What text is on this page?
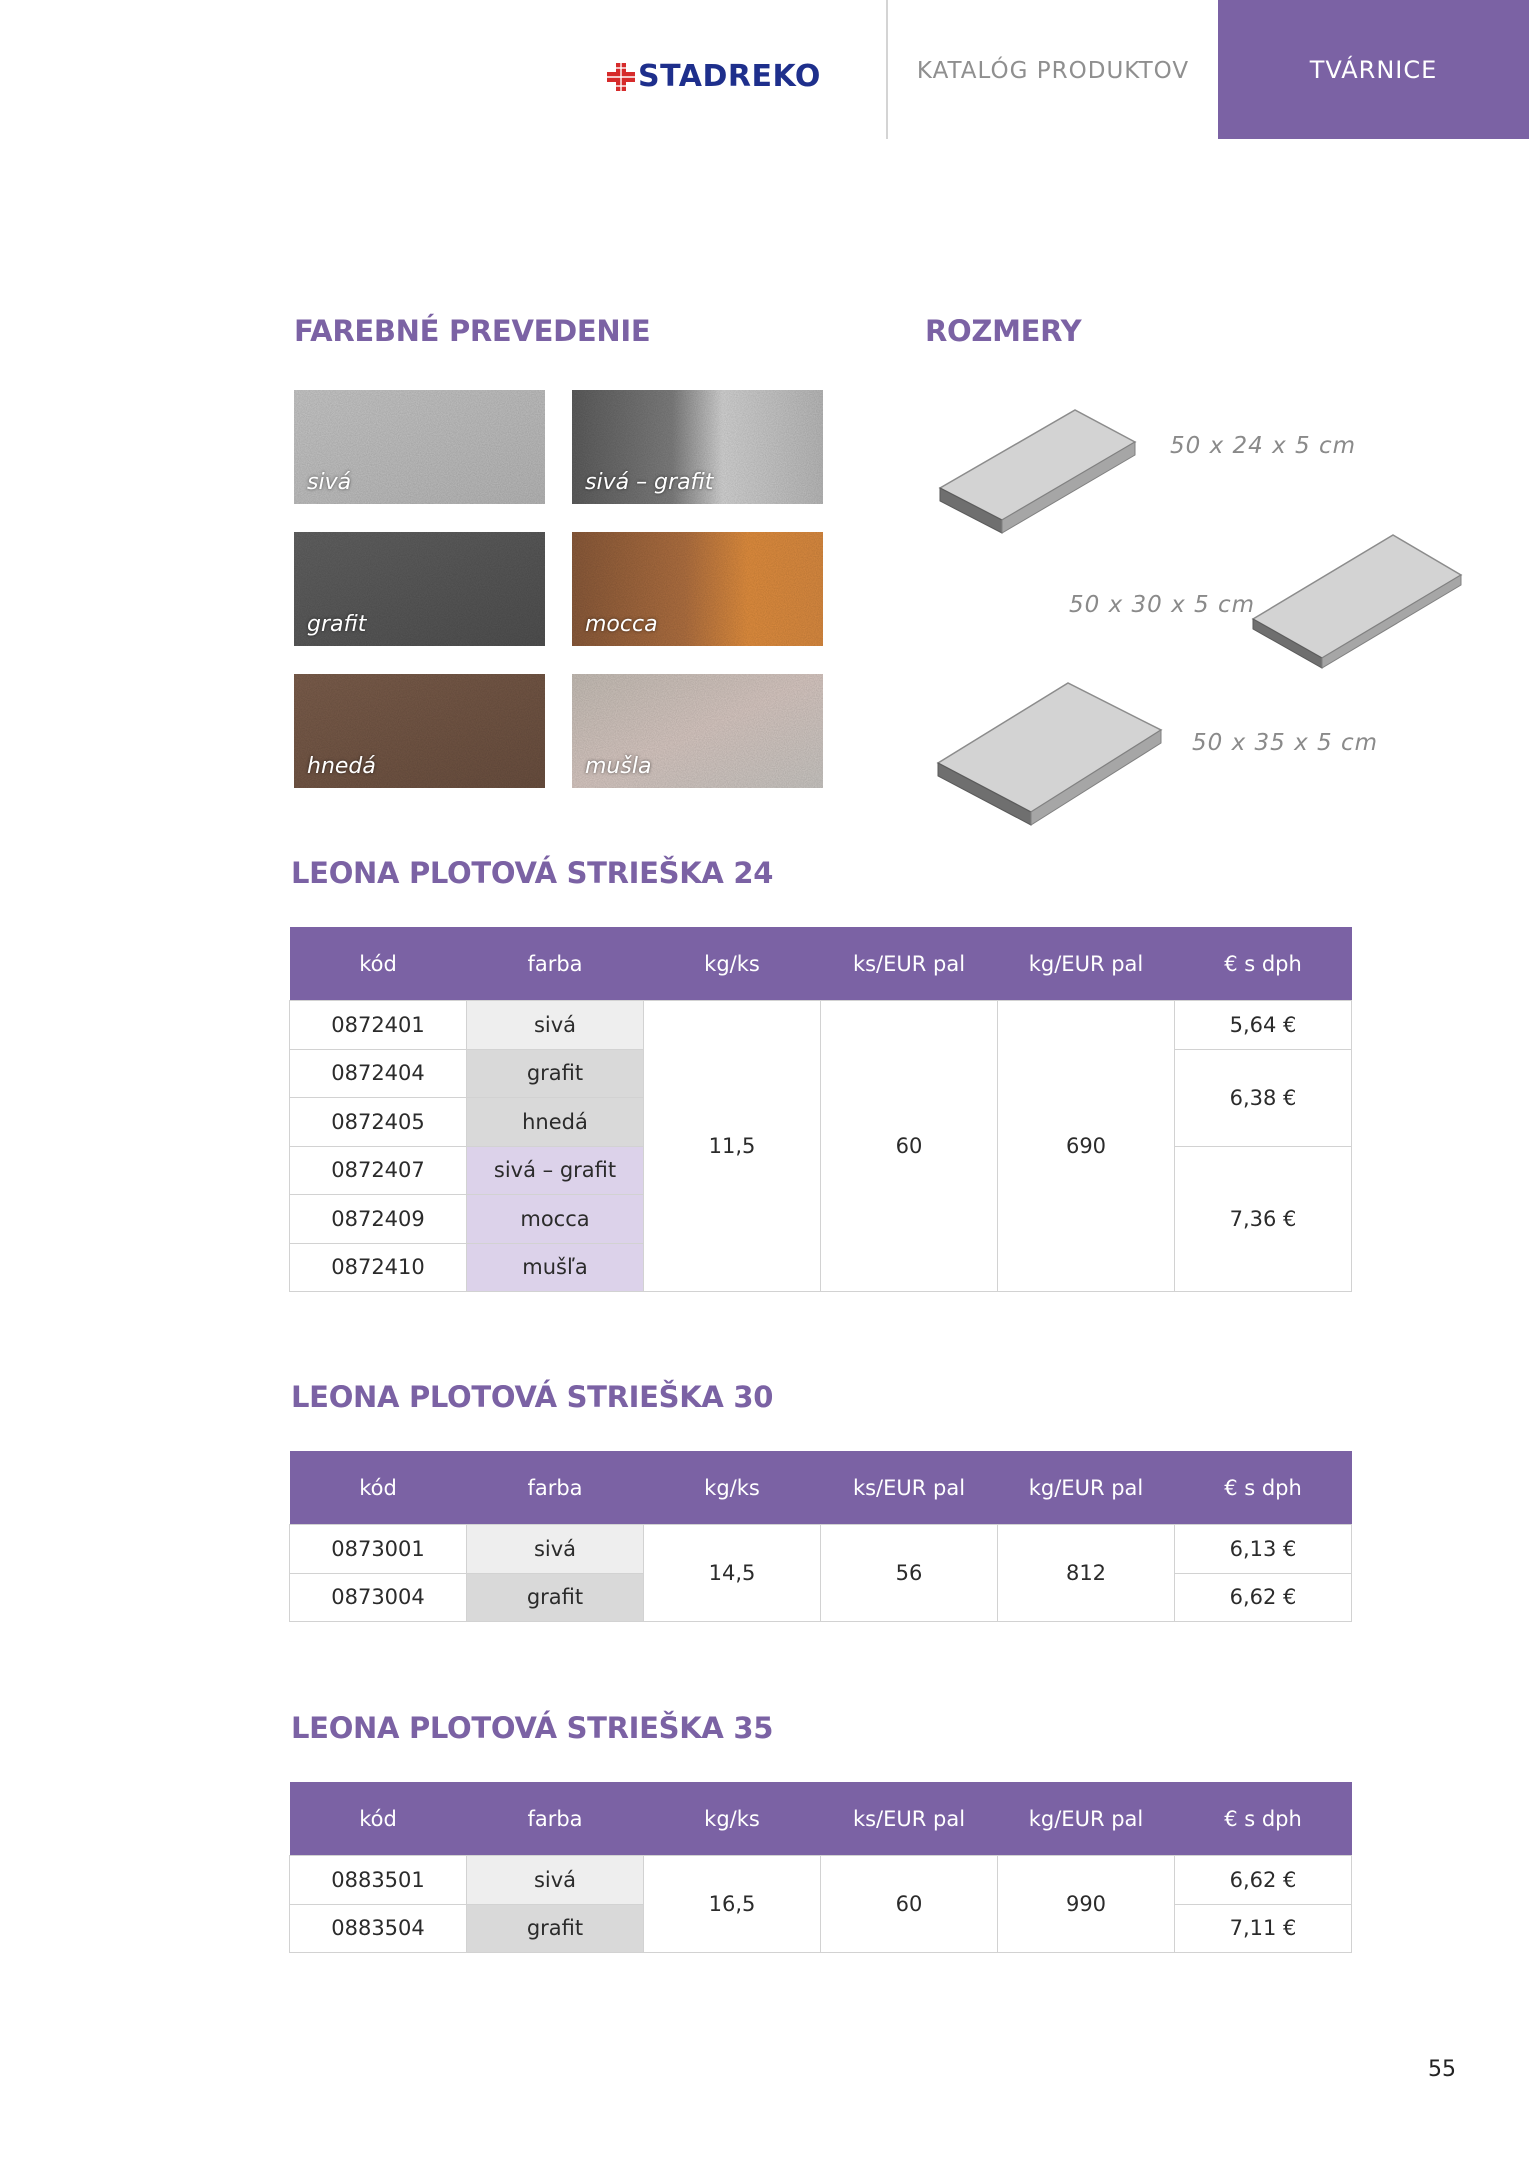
STADREKO	KATALÓG PRODUKTOV	TVÁRNICE
FAREBNÉ PREVEDENIE
sivá	sivá – grafit
grafit	mocca
hnedá	mušla
ROZMERY
50 x 24 x 5 cm
50 x 30 x 5 cm
50 x 35 x 5 cm
LEONA PLOTOVÁ STRIEŠKA 24
kód	farba	kg/ks	ks/EUR pal	kg/EUR pal	€ s dph
0872401	sivá	11,5	60	690	5,64 €
0872404	grafit				6,38 €
0872405	hnedá				
0872407	sivá – grafit				7,36 €
0872409	mocca				
0872410	mušľa				
LEONA PLOTOVÁ STRIEŠKA 30
kód	farba	kg/ks	ks/EUR pal	kg/EUR pal	€ s dph
0873001	sivá	14,5	56	812	6,13 €
0873004	grafit				6,62 €
LEONA PLOTOVÁ STRIEŠKA 35
kód	farba	kg/ks	ks/EUR pal	kg/EUR pal	€ s dph
0883501	sivá	16,5	60	990	6,62 €
0883504	grafit				7,11 €
55
